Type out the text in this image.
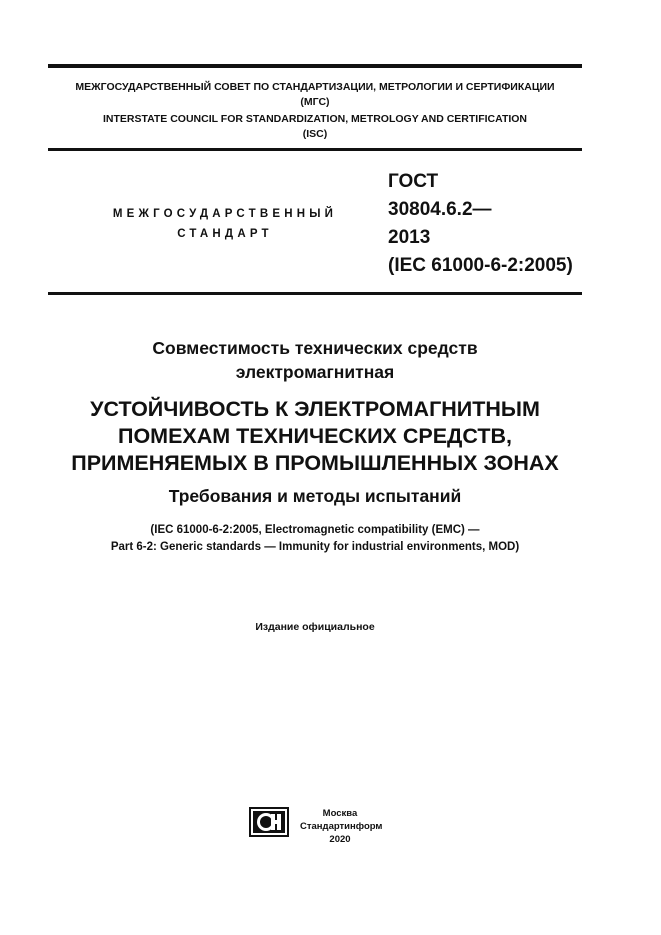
МЕЖГОСУДАРСТВЕННЫЙ СОВЕТ ПО СТАНДАРТИЗАЦИИ, МЕТРОЛОГИИ И СЕРТИФИКАЦИИ
(МГС)
INTERSTATE COUNCIL FOR STANDARDIZATION, METROLOGY AND CERTIFICATION
(ISC)
МЕЖГОСУДАРСТВЕННЫЙ
СТАНДАРТ
ГОСТ
30804.6.2—
2013
(IEC 61000-6-2:2005)
Совместимость технических средств
электромагнитная
УСТОЙЧИВОСТЬ К ЭЛЕКТРОМАГНИТНЫМ
ПОМЕХАМ ТЕХНИЧЕСКИХ СРЕДСТВ,
ПРИМЕНЯЕМЫХ В ПРОМЫШЛЕННЫХ ЗОНАХ
Требования и методы испытаний
(IEC 61000-6-2:2005, Electromagnetic compatibility (EMC) —
Part 6-2: Generic standards — Immunity for industrial environments, MOD)
Издание официальное
Москва
Стандартинформ
2020
